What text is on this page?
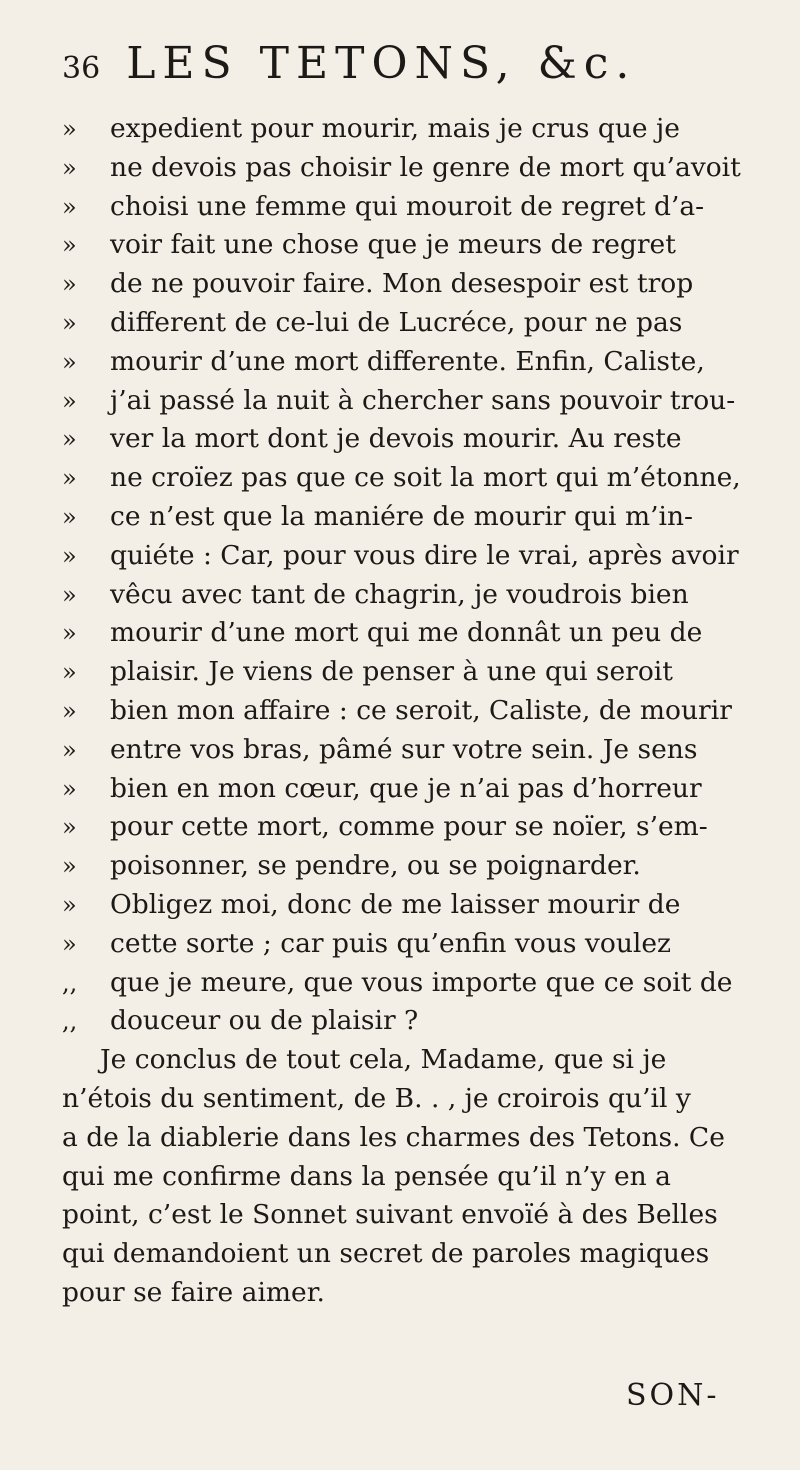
36 LES TETONS, &c.
»	expedient pour mourir, mais je crus que je
»	ne devois pas choisir le genre de mort qu’avoit
»	choisi une femme qui mouroit de regret d’a-
»	voir fait une chose que je meurs de regret
»	de ne pouvoir faire. Mon desespoir est trop
»	different de ce-lui de Lucréce, pour ne pas
»	mourir d’une mort differente. Enfin, Caliste,
»	j’ai passé la nuit à chercher sans pouvoir trou-
»	ver la mort dont je devois mourir. Au reste
»	ne croïez pas que ce soit la mort qui m’étonne,
»	ce n’est que la maniére de mourir qui m’in-
»	quiéte : Car, pour vous dire le vrai, après avoir
»	vêcu avec tant de chagrin, je voudrois bien
»	mourir d’une mort qui me donnât un peu de
»	plaisir. Je viens de penser à une qui seroit
»	bien mon affaire : ce seroit, Caliste, de mourir
»	entre vos bras, pâmé sur votre sein. Je sens
»	bien en mon cœur, que je n’ai pas d’horreur
»	pour cette mort, comme pour se noïer, s’em-
»	poisonner, se pendre, ou se poignarder.
»	Obligez moi, donc de me laisser mourir de
»	cette sorte ; car puis qu’enfin vous voulez
,,	que je meure, que vous importe que ce soit de
,,	douceur ou de plaisir ?
Je conclus de tout cela, Madame, que si je
n’étois du sentiment, de B. . , je croirois qu’il y
a de la diablerie dans les charmes des Tetons. Ce
qui me confirme dans la pensée qu’il n’y en a
point, c’est le Sonnet suivant envoïé à des Belles
qui demandoient un secret de paroles magiques
pour se faire aimer.
SON-
